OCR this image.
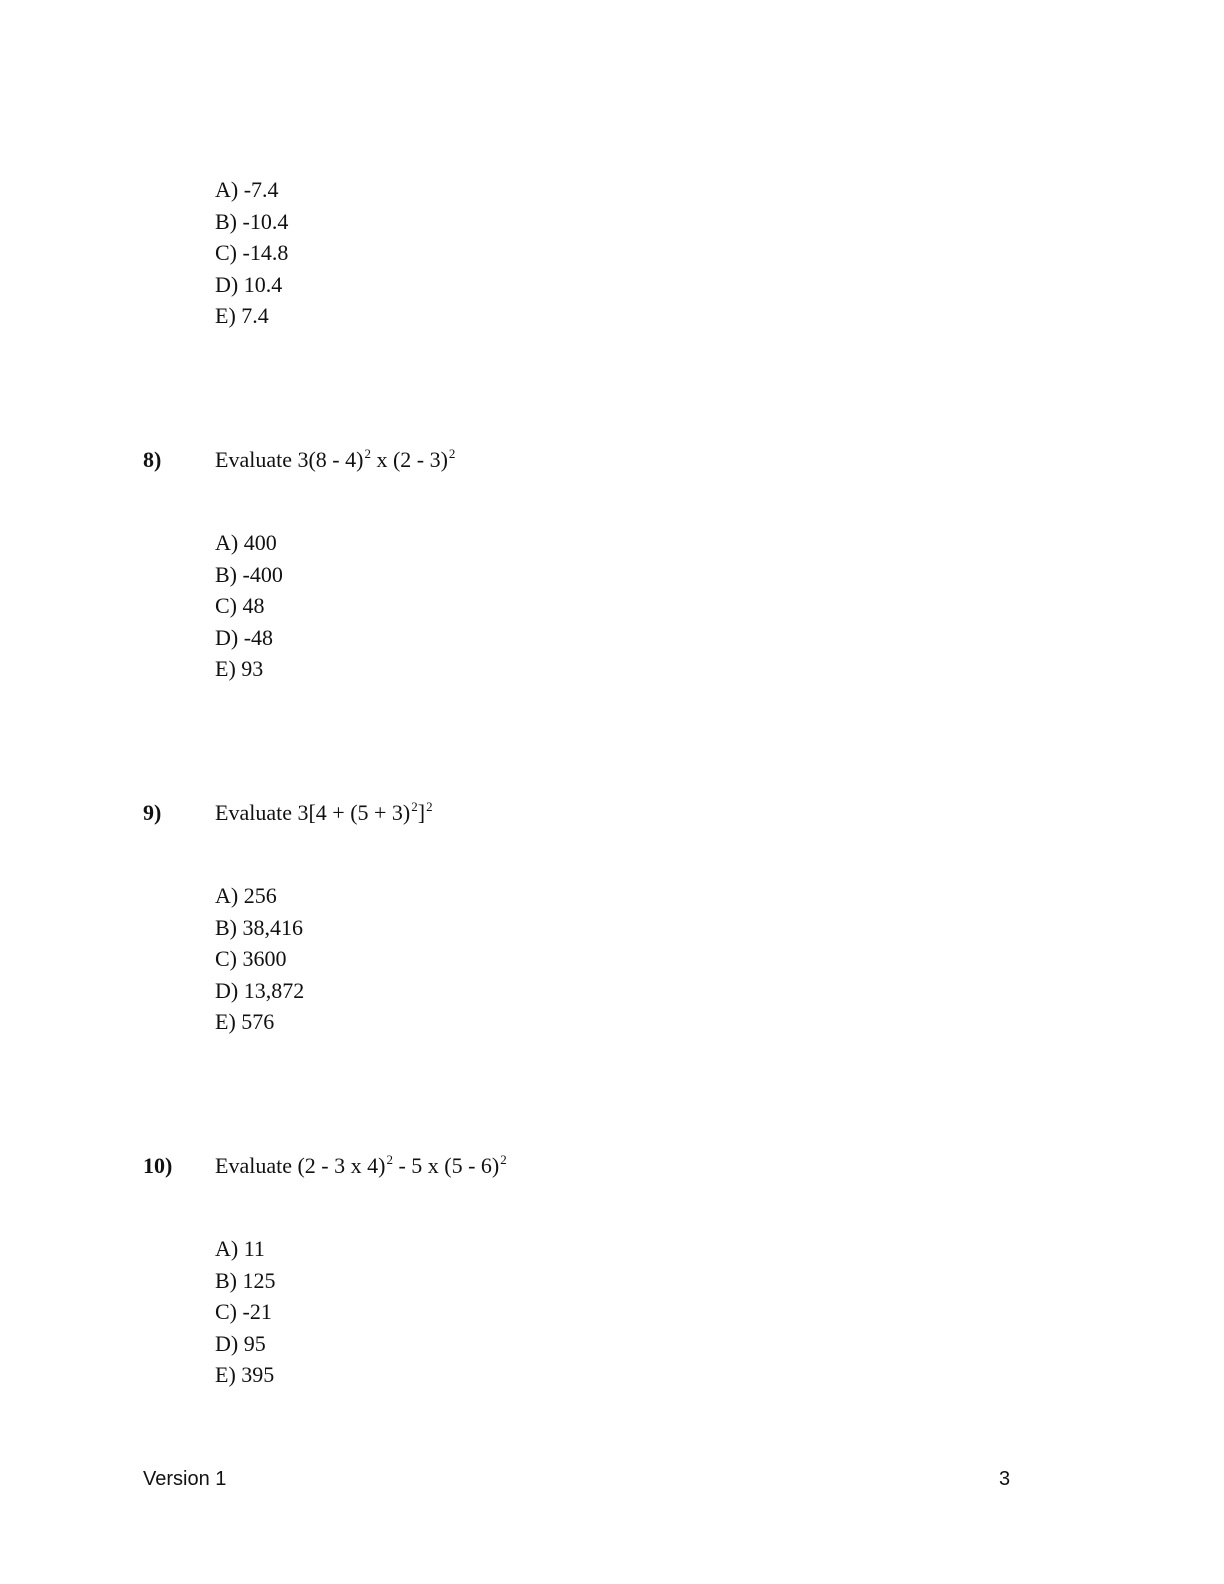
A) -7.4
B) -10.4
C) -14.8
D) 10.4
E) 7.4
8) Evaluate 3(8 - 4)$^2$ x (2 - 3)$^2$
A) 400
B) -400
C) 48
D) -48
E) 93
9) Evaluate $3[4 + (5 + 3)^2]^2$
A) 256
B) 38,416
C) 3600
D) 13,872
E) 576
10) Evaluate (2 - 3 x 4)$^2$ - 5 x (5 - 6)$^2$
A) 11
B) 125
C) -21
D) 95
E) 395
Version 1	3
